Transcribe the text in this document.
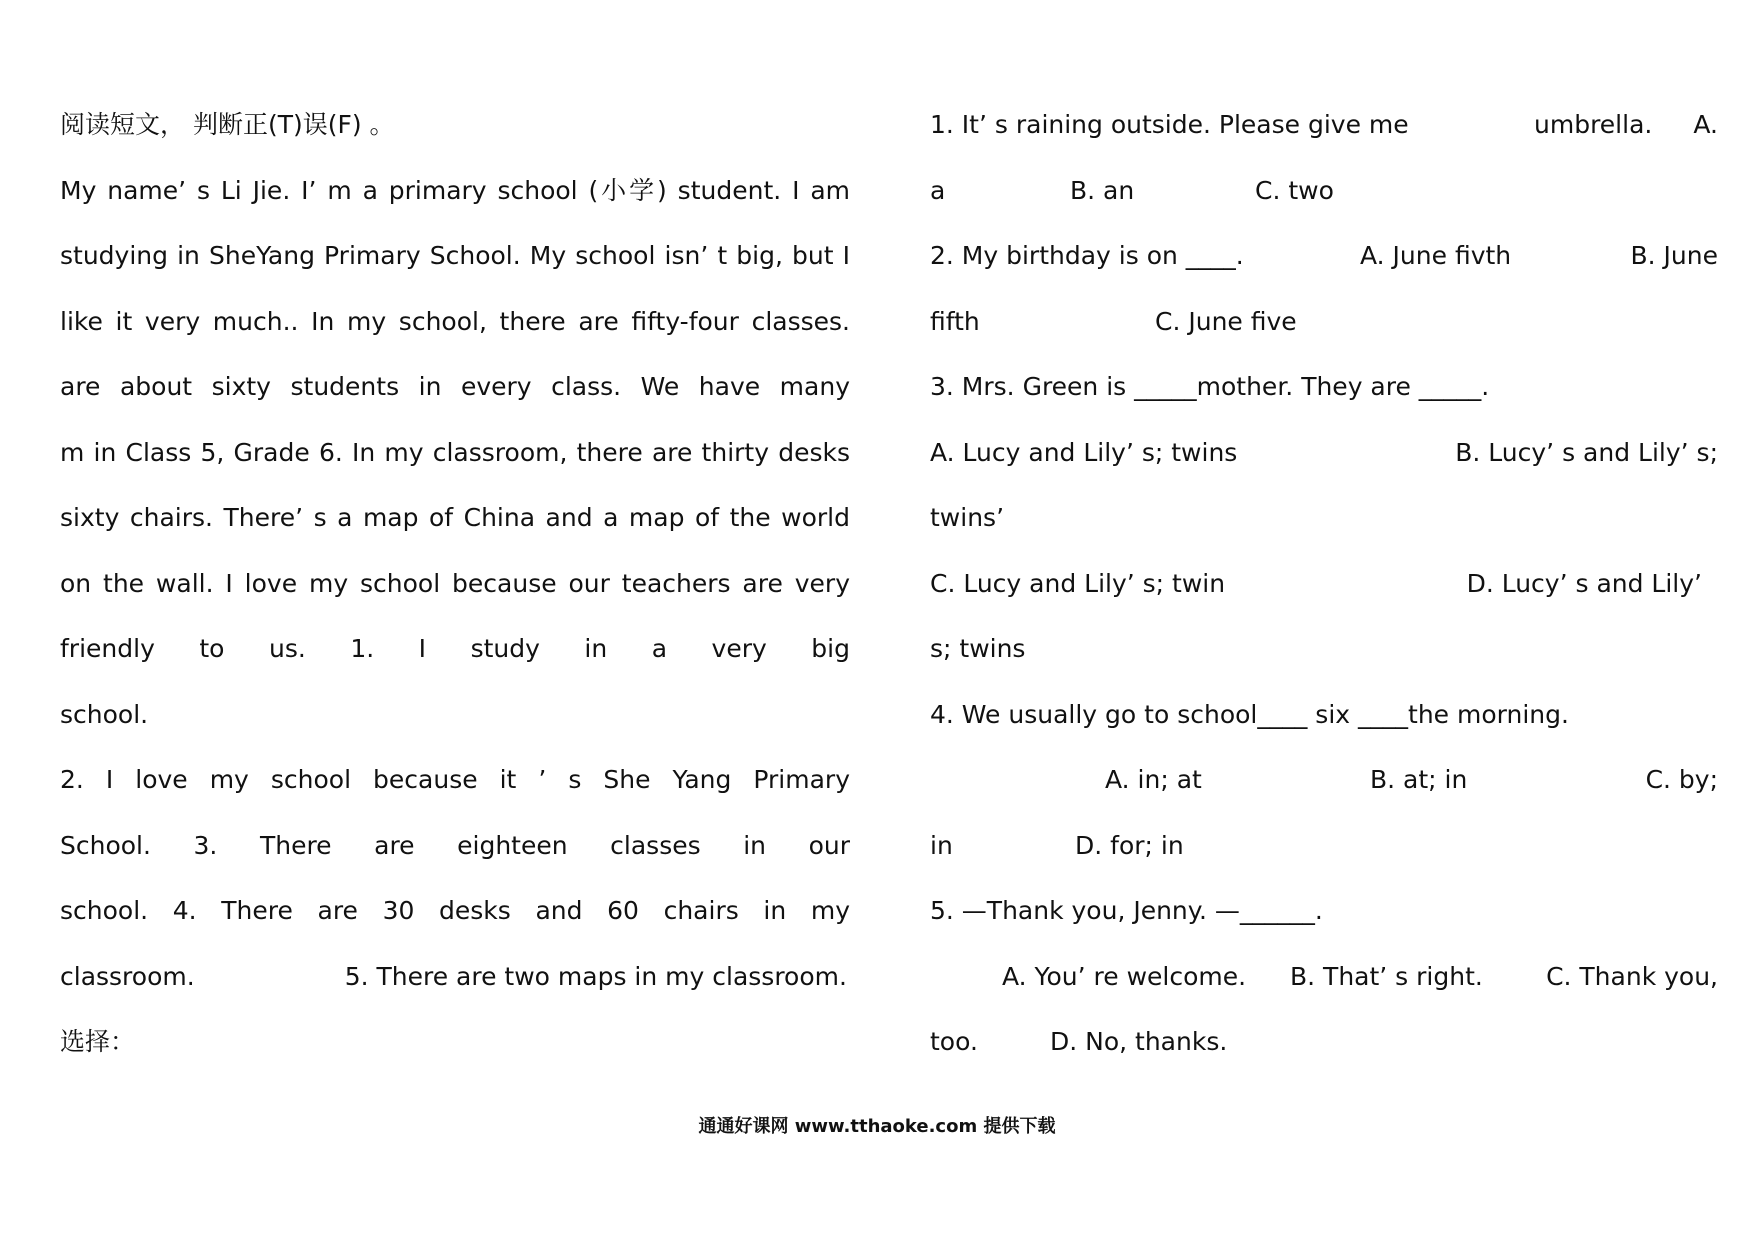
阅读短文， 判断正(T)误(F) 。
My name’ s Li Jie. I’ m a primary school (小学) student. I am
studying in SheYang Primary School. My school isn’ t big, but I
like it very much.. In my school, there are fifty-four classes.
are about sixty students in every class. We have many
m in Class 5, Grade 6. In my classroom, there are thirty desks
sixty chairs. There’ s a map of China and a map of the world
on the wall. I love my school because our teachers are very
friendly to us. 1. I study in a very big
school.
2. I love my school because it ’ s She Yang Primary
School. 3. There are eighteen classes in our
school. 4. There are 30 desks and 60 chairs in my
classroom.	5. There are two maps in my classroom.
选择：
1. It’ s raining outside. Please give me	umbrella. A.
a	B. an	C. two
2. My birthday is on ____.	A. June fivth	B. June
fifth	C. June five
3. Mrs. Green is _____mother. They are _____.
A. Lucy and Lily’ s; twins	B. Lucy’ s and Lily’ s;
twins’
C. Lucy and Lily’ s; twin	D. Lucy’ s and Lily’
s; twins
4. We usually go to school____ six ____the morning.
A. in; at	B. at; in	C. by;
in	D. for; in
5. —Thank you, Jenny. —______.
A. You’ re welcome. B. That’ s right.	C. Thank you,
too.	D. No, thanks.
通通好课网 www.tthaoke.com 提供下载
